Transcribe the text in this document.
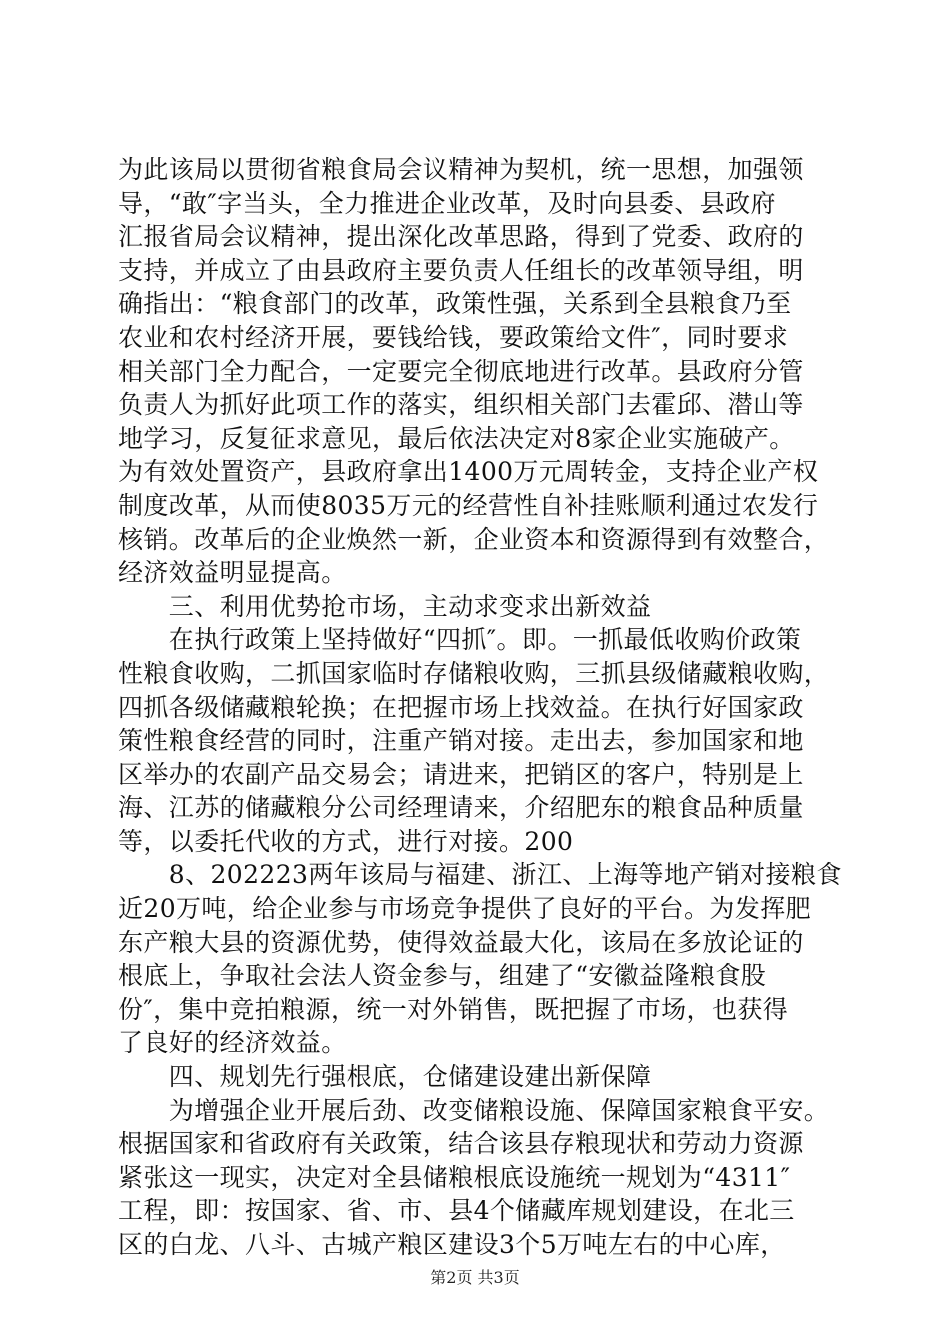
为此该局以贯彻省粮食局会议精神为契机，统一思想，加强领
导，“敢″字当头，全力推进企业改革，及时向县委、县政府
汇报省局会议精神，提出深化改革思路，得到了党委、政府的
支持，并成立了由县政府主要负责人任组长的改革领导组，明
确指出：“粮食部门的改革，政策性强，关系到全县粮食乃至
农业和农村经济开展，要钱给钱，要政策给文件″，同时要求
相关部门全力配合，一定要完全彻底地进行改革。县政府分管
负责人为抓好此项工作的落实，组织相关部门去霍邱、潜山等
地学习，反复征求意见，最后依法决定对8家企业实施破产。
为有效处置资产，县政府拿出1400万元周转金，支持企业产权
制度改革，从而使8035万元的经营性自补挂账顺利通过农发行
核销。改革后的企业焕然一新，企业资本和资源得到有效整合，
经济效益明显提高。
　　三、利用优势抢市场，主动求变求出新效益
　　在执行政策上坚持做好“四抓″。即。一抓最低收购价政策
性粮食收购，二抓国家临时存储粮收购，三抓县级储藏粮收购，
四抓各级储藏粮轮换；在把握市场上找效益。在执行好国家政
策性粮食经营的同时，注重产销对接。走出去，参加国家和地
区举办的农副产品交易会；请进来，把销区的客户，特别是上
海、江苏的储藏粮分公司经理请来，介绍肥东的粮食品种质量
等，以委托代收的方式，进行对接。200
　　8、202223两年该局与福建、浙江、上海等地产销对接粮食
近20万吨，给企业参与市场竞争提供了良好的平台。为发挥肥
东产粮大县的资源优势，使得效益最大化，该局在多放论证的
根底上，争取社会法人资金参与，组建了“安徽益隆粮食股
份″，集中竞拍粮源，统一对外销售，既把握了市场，也获得
了良好的经济效益。
　　四、规划先行强根底，仓储建设建出新保障
　　为增强企业开展后劲、改变储粮设施、保障国家粮食平安。
根据国家和省政府有关政策，结合该县存粮现状和劳动力资源
紧张这一现实，决定对全县储粮根底设施统一规划为“4311″
工程，即：按国家、省、市、县4个储藏库规划建设，在北三
区的白龙、八斗、古城产粮区建设3个5万吨左右的中心库，
第2页 共3页
